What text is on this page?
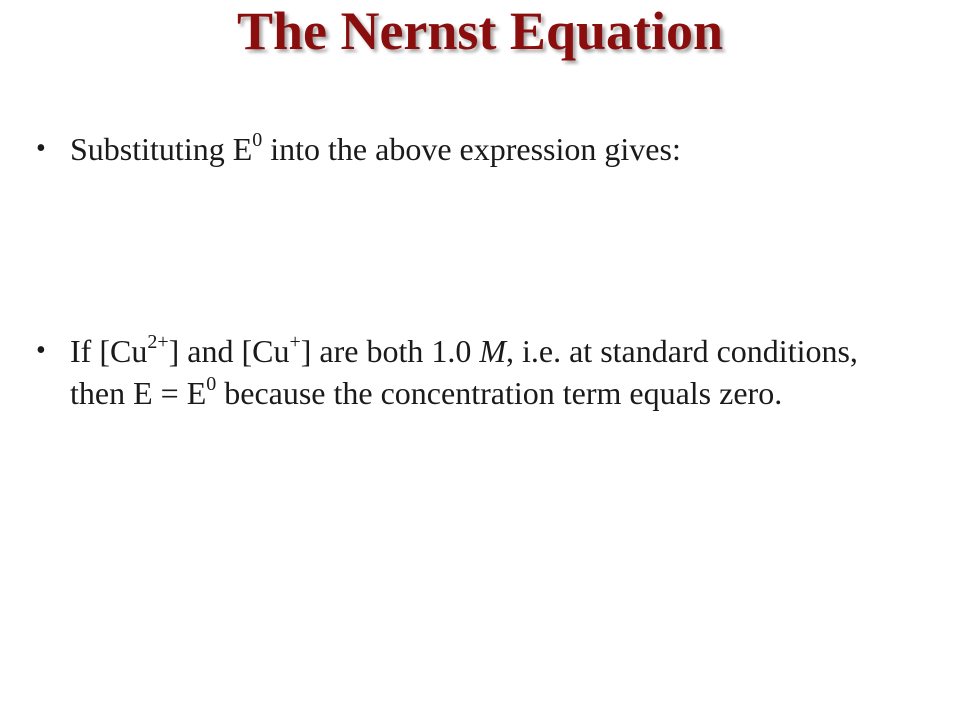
The Nernst Equation
• Substituting $E^0$ into the above expression gives:
• If $[Cu^{2+}]$ and [Cu+] are both 1.0 M, i.e. at standard conditions, then $E = E^0$ because the concentration term equals zero.
